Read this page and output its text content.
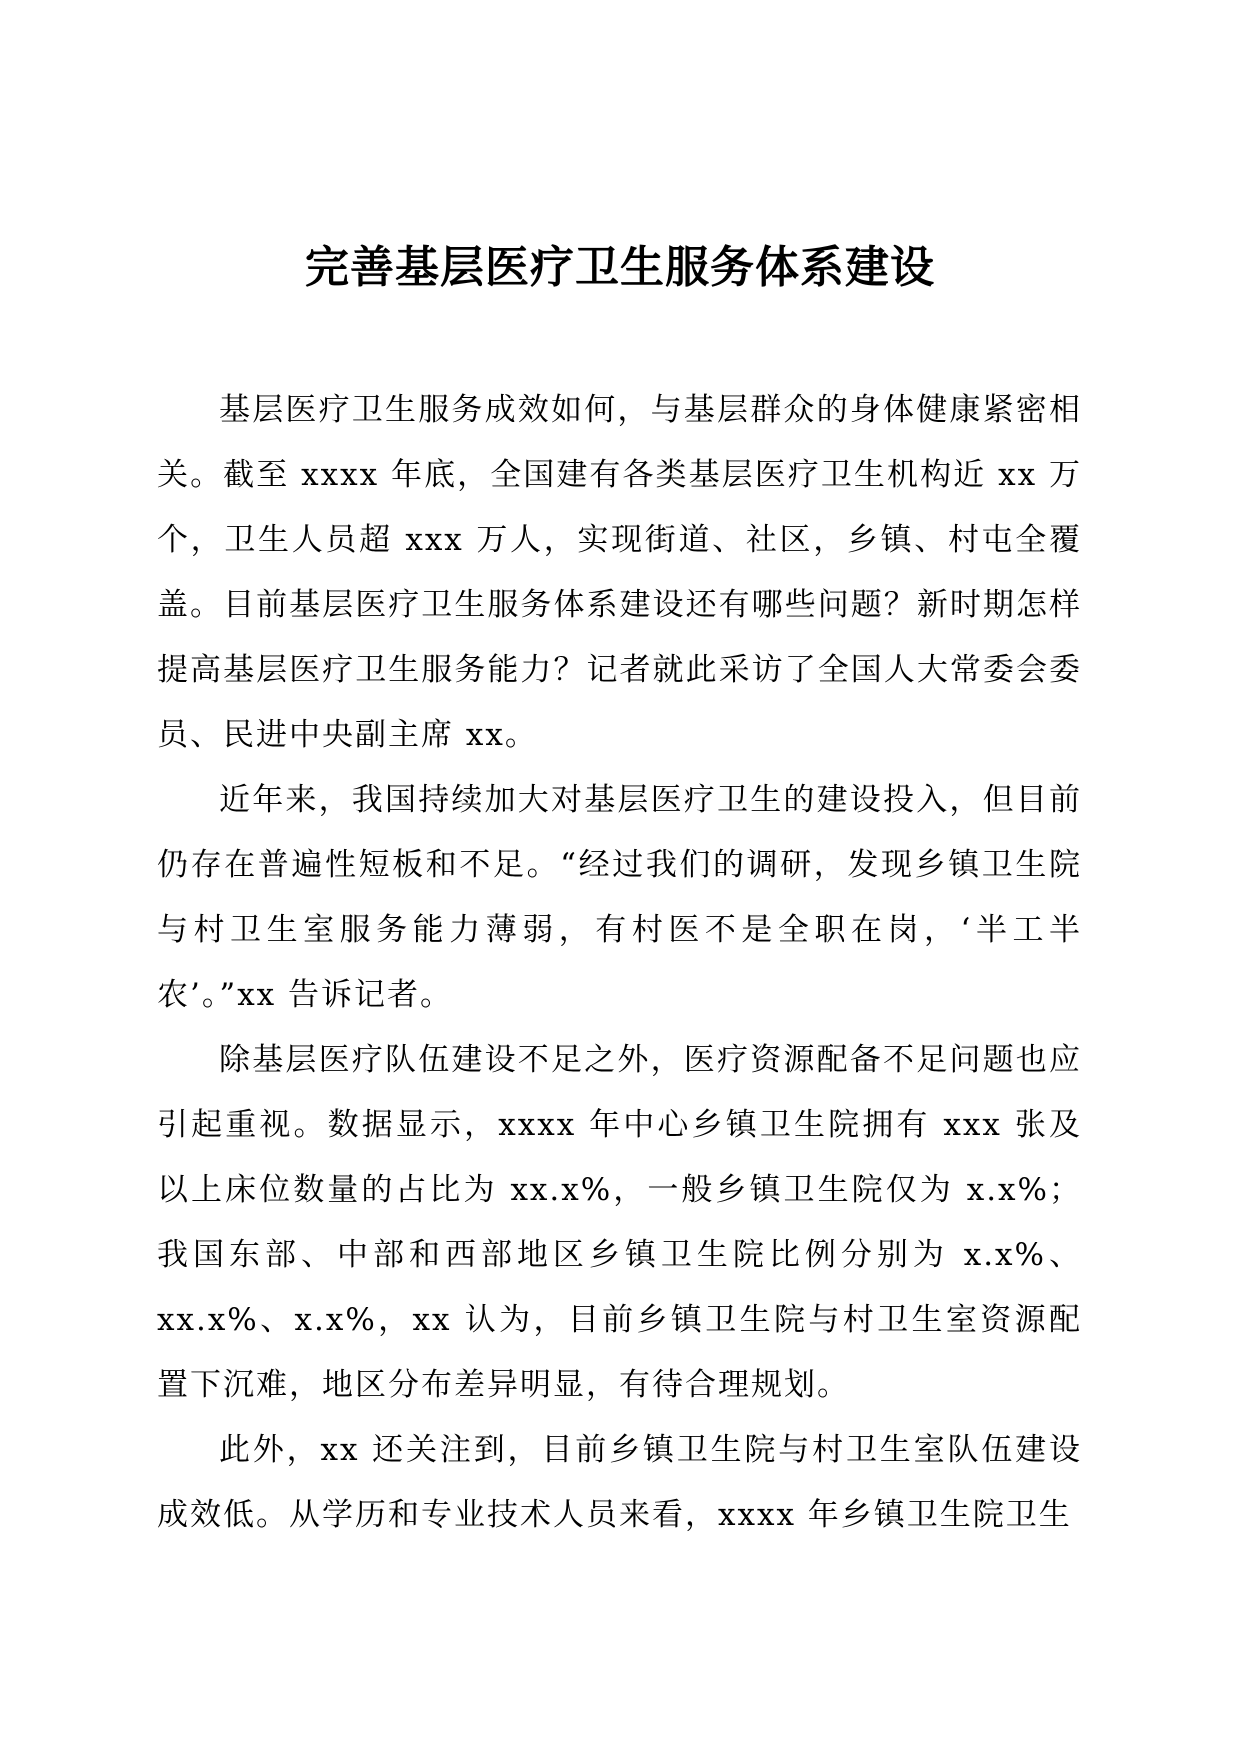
完善基层医疗卫生服务体系建设

基层医疗卫生服务成效如何，与基层群众的身体健康紧密相关。截至 xxxx 年底，全国建有各类基层医疗卫生机构近 xx 万个，卫生人员超 xxx 万人，实现街道、社区，乡镇、村屯全覆盖。目前基层医疗卫生服务体系建设还有哪些问题？新时期怎样提高基层医疗卫生服务能力？记者就此采访了全国人大常委会委员、民进中央副主席 xx。

近年来，我国持续加大对基层医疗卫生的建设投入，但目前仍存在普遍性短板和不足。“经过我们的调研，发现乡镇卫生院与村卫生室服务能力薄弱，有村医不是全职在岗，‘半工半农’。”xx 告诉记者。

除基层医疗队伍建设不足之外，医疗资源配备不足问题也应引起重视。数据显示，xxxx 年中心乡镇卫生院拥有 xxx 张及以上床位数量的占比为 xx.x%，一般乡镇卫生院仅为 x.x%；我国东部、中部和西部地区乡镇卫生院比例分别为 x.x%、xx.x%、x.x%，xx 认为，目前乡镇卫生院与村卫生室资源配置下沉难，地区分布差异明显，有待合理规划。

此外，xx 还关注到，目前乡镇卫生院与村卫生室队伍建设成效低。从学历和专业技术人员来看，xxxx 年乡镇卫生院卫生
